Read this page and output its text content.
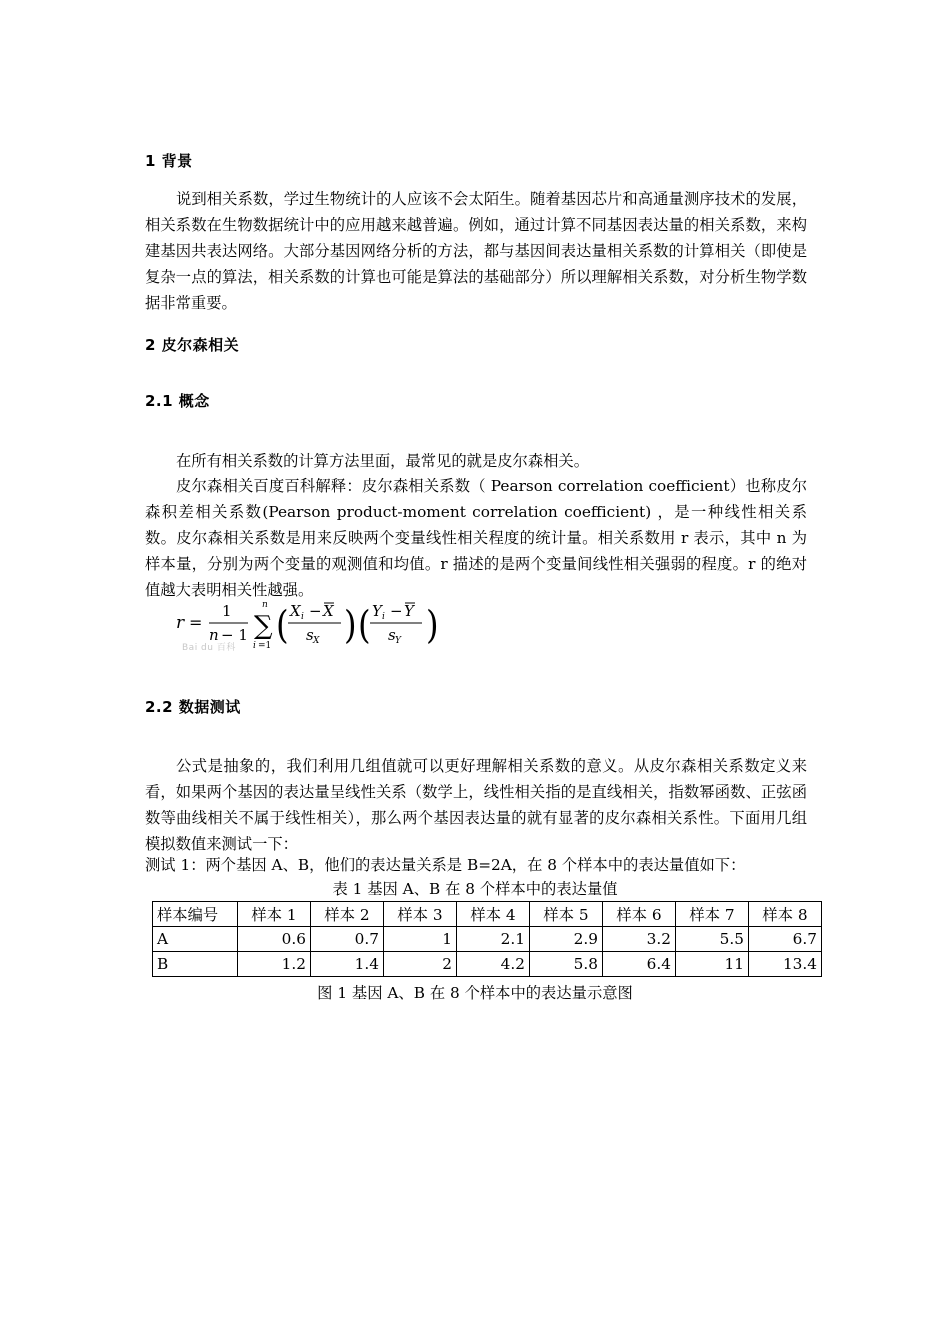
1 背景

说到相关系数，学过生物统计的人应该不会太陌生。随着基因芯片和高通量测序技术的发展，相关系数在生物数据统计中的应用越来越普遍。例如，通过计算不同基因表达量的相关系数，来构建基因共表达网络。大部分基因网络分析的方法，都与基因间表达量相关系数的计算相关（即使是复杂一点的算法，相关系数的计算也可能是算法的基础部分）所以理解相关系数，对分析生物学数据非常重要。

2 皮尔森相关
2.1 概念
在所有相关系数的计算方法里面，最常见的就是皮尔森相关。

皮尔森相关百度百科解释：皮尔森相关系数（ Pearson correlation coefficient）也称皮尔森积差相关系数(Pearson product-moment correlation coefficient) ，是一种线性相关系数。皮尔森相关系数是用来反映两个变量线性相关程度的统计量。相关系数用 r 表示，其中 n 为样本量，分别为两个变量的观测值和均值。r 描述的是两个变量间线性相关强弱的程度。r 的绝对值越大表明相关性越强。

r =
1
n − 1
n
∑
i =1 ( X i − X
s X ) ( Y i − Y
s Y )
Bai du 百科
2.2 数据测试

公式是抽象的，我们利用几组值就可以更好理解相关系数的意义。从皮尔森相关系数定义来看，如果两个基因的表达量呈线性关系（数学上，线性相关指的是直线相关，指数幂函数、正弦函数等曲线相关不属于线性相关），那么两个基因表达量的就有显著的皮尔森相关系性。下面用几组模拟数值来测试一下：

测试 1：两个基因 A、B，他们的表达量关系是 B=2A，在 8 个样本中的表达量值如下：
表 1 基因 A、B 在 8 个样本中的表达量值
样本编号	样本 1	样本 2	样本 3	样本 4	样本 5	样本 6	样本 7	样本 8
A	0.6	0.7	1	2.1	2.9	3.2	5.5	6.7
B	1.2	1.4	2	4.2	5.8	6.4	11	13.4
图 1 基因 A、B 在 8 个样本中的表达量示意图
